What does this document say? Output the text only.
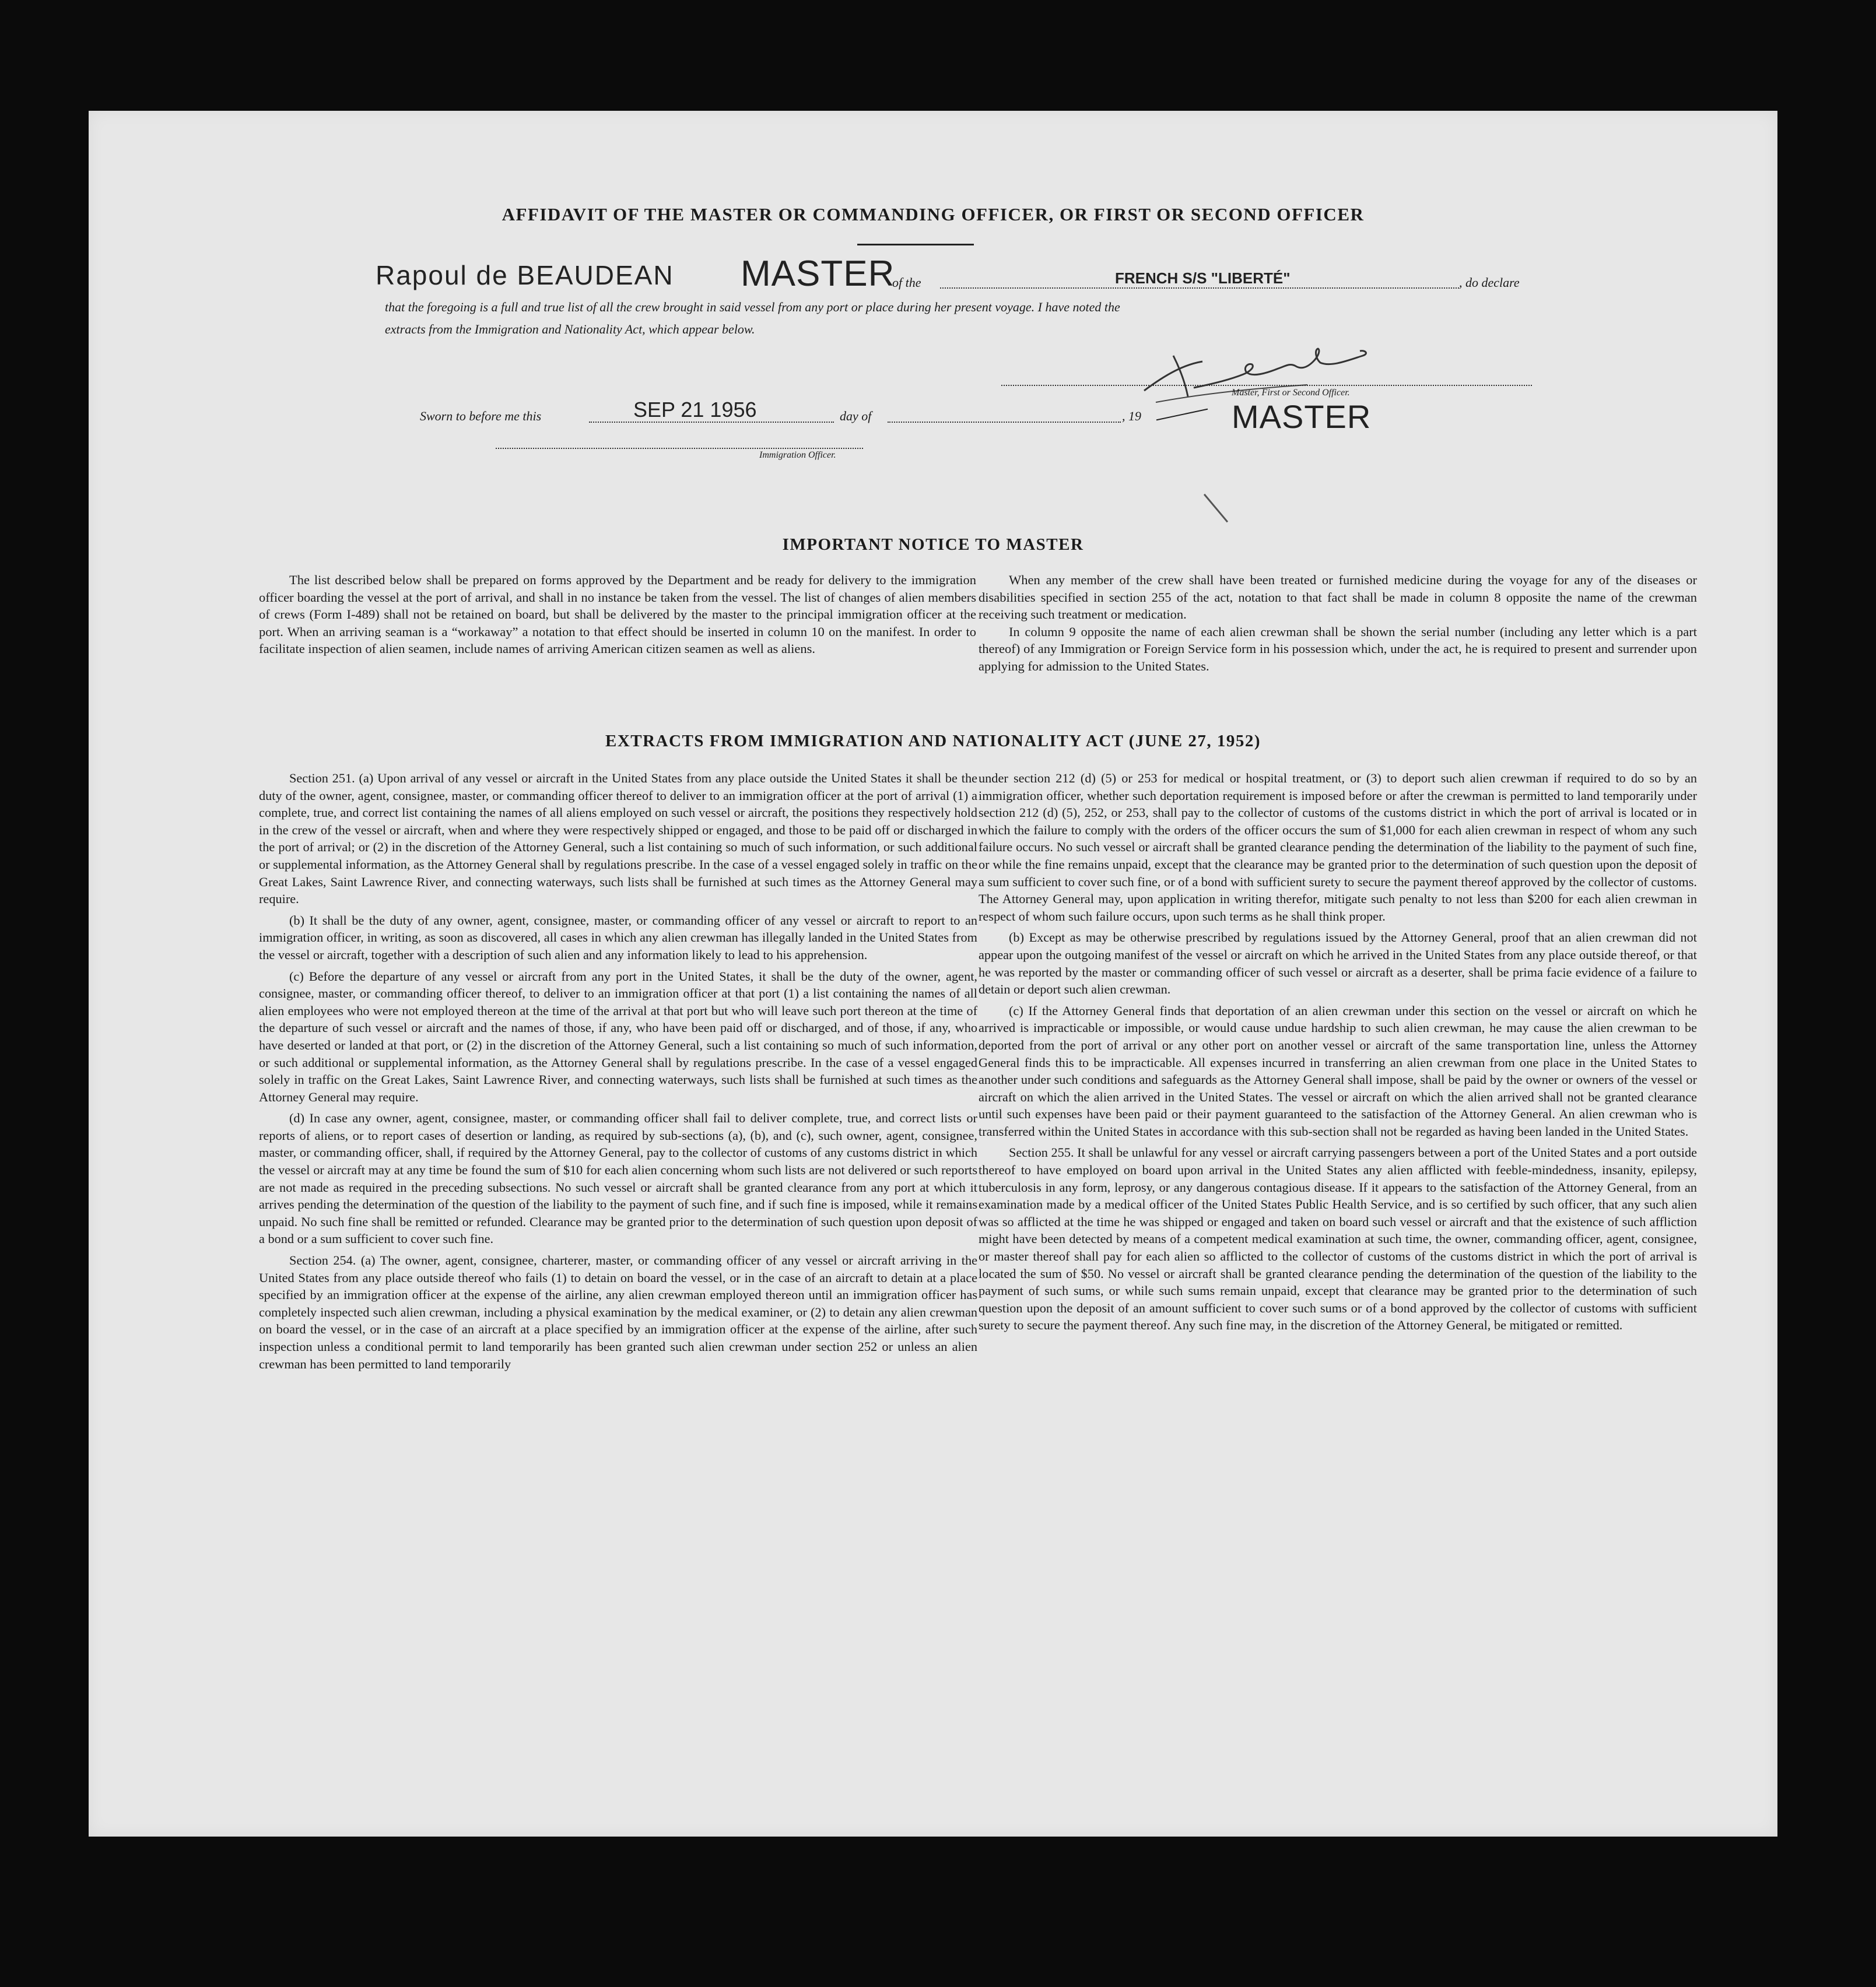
AFFIDAVIT OF THE MASTER OR COMMANDING OFFICER, OR FIRST OR SECOND OFFICER
Rapoul de BEAUDEAN MASTER
of the	FRENCH S/S "LIBERTÉ"	, do declare
that the foregoing is a full and true list of all the crew brought in said vessel from any port or place during her present voyage. I have noted the
extracts from the Immigration and Nationality Act, which appear below.
Master, First or Second Officer.
MASTER
Sworn to before me this	SEP 21 1956	day of	, 19
Immigration Officer.
IMPORTANT NOTICE TO MASTER

The list described below shall be prepared on forms approved by the Department and be ready for delivery to the immigration officer boarding the vessel at the port of arrival, and shall in no instance be taken from the vessel. The list of changes of alien members of crews (Form I-489) shall not be retained on board, but shall be delivered by the master to the principal immigration officer at the port. When an arriving seaman is a “workaway” a notation to that effect should be inserted in column 10 on the manifest. In order to facilitate inspection of alien seamen, include names of arriving American citizen seamen as well as aliens.

When any member of the crew shall have been treated or furnished medicine during the voyage for any of the diseases or disabilities specified in section 255 of the act, notation to that fact shall be made in column 8 opposite the name of the crewman receiving such treatment or medication.

In column 9 opposite the name of each alien crewman shall be shown the serial number (including any letter which is a part thereof) of any Immigration or Foreign Service form in his possession which, under the act, he is required to present and surrender upon applying for admission to the United States.

EXTRACTS FROM IMMIGRATION AND NATIONALITY ACT (JUNE 27, 1952)

Section 251. (a) Upon arrival of any vessel or aircraft in the United States from any place outside the United States it shall be the duty of the owner, agent, consignee, master, or commanding officer thereof to deliver to an immigration officer at the port of arrival (1) a complete, true, and correct list containing the names of all aliens employed on such vessel or aircraft, the positions they respectively hold in the crew of the vessel or aircraft, when and where they were respectively shipped or engaged, and those to be paid off or discharged in the port of arrival; or (2) in the discretion of the Attorney General, such a list containing so much of such information, or such additional or supplemental information, as the Attorney General shall by regulations prescribe. In the case of a vessel engaged solely in traffic on the Great Lakes, Saint Lawrence River, and connecting waterways, such lists shall be furnished at such times as the Attorney General may require.

(b) It shall be the duty of any owner, agent, consignee, master, or commanding officer of any vessel or aircraft to report to an immigration officer, in writing, as soon as discovered, all cases in which any alien crewman has illegally landed in the United States from the vessel or aircraft, together with a description of such alien and any information likely to lead to his apprehension.

(c) Before the departure of any vessel or aircraft from any port in the United States, it shall be the duty of the owner, agent, consignee, master, or commanding officer thereof, to deliver to an immigration officer at that port (1) a list containing the names of all alien employees who were not employed thereon at the time of the arrival at that port but who will leave such port thereon at the time of the departure of such vessel or aircraft and the names of those, if any, who have been paid off or discharged, and of those, if any, who have deserted or landed at that port, or (2) in the discretion of the Attorney General, such a list containing so much of such information, or such additional or supplemental information, as the Attorney General shall by regulations prescribe. In the case of a vessel engaged solely in traffic on the Great Lakes, Saint Lawrence River, and connecting waterways, such lists shall be furnished at such times as the Attorney General may require.

(d) In case any owner, agent, consignee, master, or commanding officer shall fail to deliver complete, true, and correct lists or reports of aliens, or to report cases of desertion or landing, as required by sub-sections (a), (b), and (c), such owner, agent, consignee, master, or commanding officer, shall, if required by the Attorney General, pay to the collector of customs of any customs district in which the vessel or aircraft may at any time be found the sum of $10 for each alien concerning whom such lists are not delivered or such reports are not made as required in the preceding subsections. No such vessel or aircraft shall be granted clearance from any port at which it arrives pending the determination of the question of the liability to the payment of such fine, and if such fine is imposed, while it remains unpaid. No such fine shall be remitted or refunded. Clearance may be granted prior to the determination of such question upon deposit of a bond or a sum sufficient to cover such fine.

Section 254. (a) The owner, agent, consignee, charterer, master, or commanding officer of any vessel or aircraft arriving in the United States from any place outside thereof who fails (1) to detain on board the vessel, or in the case of an aircraft to detain at a place specified by an immigration officer at the expense of the airline, any alien crewman employed thereon until an immigration officer has completely inspected such alien crewman, including a physical examination by the medical examiner, or (2) to detain any alien crewman on board the vessel, or in the case of an aircraft at a place specified by an immigration officer at the expense of the airline, after such inspection unless a conditional permit to land temporarily has been granted such alien crewman under section 252 or unless an alien crewman has been permitted to land temporarily

under section 212 (d) (5) or 253 for medical or hospital treatment, or (3) to deport such alien crewman if required to do so by an immigration officer, whether such deportation requirement is imposed before or after the crewman is permitted to land temporarily under section 212 (d) (5), 252, or 253, shall pay to the collector of customs of the customs district in which the port of arrival is located or in which the failure to comply with the orders of the officer occurs the sum of $1,000 for each alien crewman in respect of whom any such failure occurs. No such vessel or aircraft shall be granted clearance pending the determination of the liability to the payment of such fine, or while the fine remains unpaid, except that the clearance may be granted prior to the determination of such question upon the deposit of a sum sufficient to cover such fine, or of a bond with sufficient surety to secure the payment thereof approved by the collector of customs. The Attorney General may, upon application in writing therefor, mitigate such penalty to not less than $200 for each alien crewman in respect of whom such failure occurs, upon such terms as he shall think proper.

(b) Except as may be otherwise prescribed by regulations issued by the Attorney General, proof that an alien crewman did not appear upon the outgoing manifest of the vessel or aircraft on which he arrived in the United States from any place outside thereof, or that he was reported by the master or commanding officer of such vessel or aircraft as a deserter, shall be prima facie evidence of a failure to detain or deport such alien crewman.

(c) If the Attorney General finds that deportation of an alien crewman under this section on the vessel or aircraft on which he arrived is impracticable or impossible, or would cause undue hardship to such alien crewman, he may cause the alien crewman to be deported from the port of arrival or any other port on another vessel or aircraft of the same transportation line, unless the Attorney General finds this to be impracticable. All expenses incurred in transferring an alien crewman from one place in the United States to another under such conditions and safeguards as the Attorney General shall impose, shall be paid by the owner or owners of the vessel or aircraft on which the alien arrived in the United States. The vessel or aircraft on which the alien arrived shall not be granted clearance until such expenses have been paid or their payment guaranteed to the satisfaction of the Attorney General. An alien crewman who is transferred within the United States in accordance with this sub-section shall not be regarded as having been landed in the United States.

Section 255. It shall be unlawful for any vessel or aircraft carrying passengers between a port of the United States and a port outside thereof to have employed on board upon arrival in the United States any alien afflicted with feeble-mindedness, insanity, epilepsy, tuberculosis in any form, leprosy, or any dangerous contagious disease. If it appears to the satisfaction of the Attorney General, from an examination made by a medical officer of the United States Public Health Service, and is so certified by such officer, that any such alien was so afflicted at the time he was shipped or engaged and taken on board such vessel or aircraft and that the existence of such affliction might have been detected by means of a competent medical examination at such time, the owner, commanding officer, agent, consignee, or master thereof shall pay for each alien so afflicted to the collector of customs of the customs district in which the port of arrival is located the sum of $50. No vessel or aircraft shall be granted clearance pending the determination of the question of the liability to the payment of such sums, or while such sums remain unpaid, except that clearance may be granted prior to the determination of such question upon the deposit of an amount sufficient to cover such sums or of a bond approved by the collector of customs with sufficient surety to secure the payment thereof. Any such fine may, in the discretion of the Attorney General, be mitigated or remitted.
